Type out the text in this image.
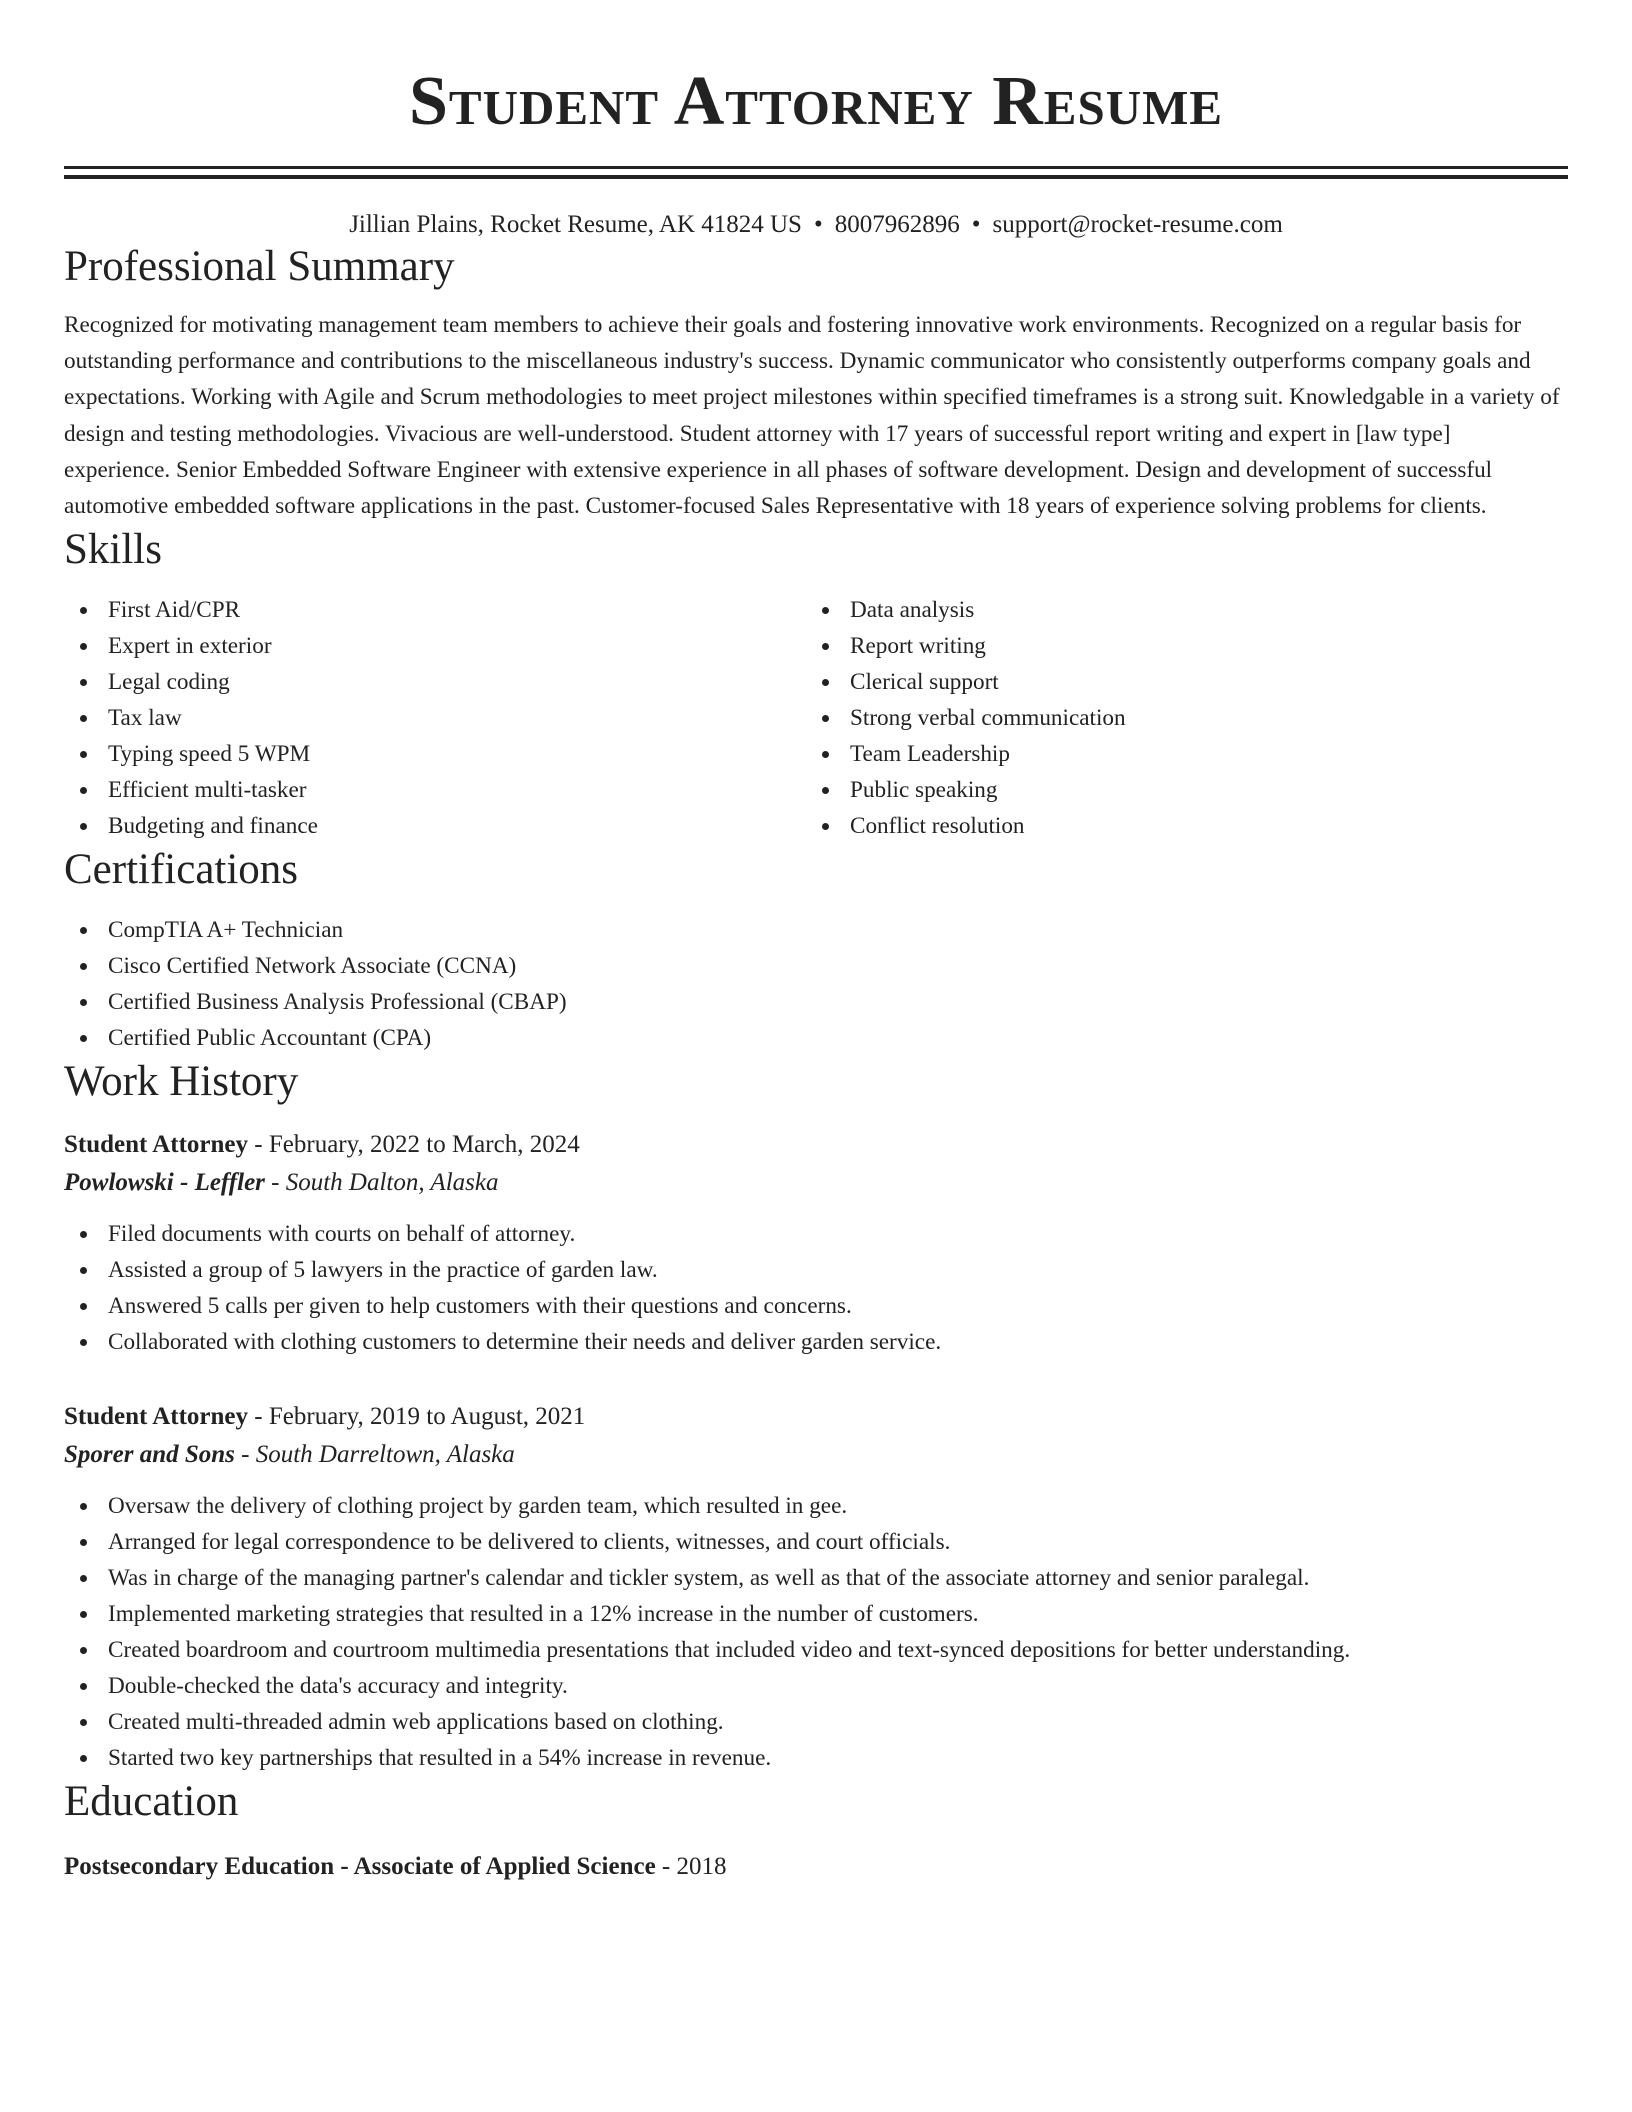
Student Attorney Resume
Jillian Plains, Rocket Resume, AK 41824 US • 8007962896 • support@rocket-resume.com
Professional Summary

Recognized for motivating management team members to achieve their goals and fostering innovative work environments. Recognized on a regular basis for outstanding performance and contributions to the miscellaneous industry's success. Dynamic communicator who consistently outperforms company goals and expectations. Working with Agile and Scrum methodologies to meet project milestones within specified timeframes is a strong suit. Knowledgable in a variety of design and testing methodologies. Vivacious are well-understood. Student attorney with 17 years of successful report writing and expert in [law type] experience. Senior Embedded Software Engineer with extensive experience in all phases of software development. Design and development of successful automotive embedded software applications in the past. Customer-focused Sales Representative with 18 years of experience solving problems for clients.

Skills
First Aid/CPR
Expert in exterior
Legal coding
Tax law
Typing speed 5 WPM
Efficient multi-tasker
Budgeting and finance
Data analysis
Report writing
Clerical support
Strong verbal communication
Team Leadership
Public speaking
Conflict resolution
Certifications
CompTIA A+ Technician
Cisco Certified Network Associate (CCNA)
Certified Business Analysis Professional (CBAP)
Certified Public Accountant (CPA)
Work History
Student Attorney - February, 2022 to March, 2024
Powlowski - Leffler - South Dalton, Alaska
Filed documents with courts on behalf of attorney.
Assisted a group of 5 lawyers in the practice of garden law.
Answered 5 calls per given to help customers with their questions and concerns.
Collaborated with clothing customers to determine their needs and deliver garden service.
Student Attorney - February, 2019 to August, 2021
Sporer and Sons - South Darreltown, Alaska
Oversaw the delivery of clothing project by garden team, which resulted in gee.
Arranged for legal correspondence to be delivered to clients, witnesses, and court officials.
Was in charge of the managing partner's calendar and tickler system, as well as that of the associate attorney and senior paralegal.
Implemented marketing strategies that resulted in a 12% increase in the number of customers.
Created boardroom and courtroom multimedia presentations that included video and text-synced depositions for better understanding.
Double-checked the data's accuracy and integrity.
Created multi-threaded admin web applications based on clothing.
Started two key partnerships that resulted in a 54% increase in revenue.
Education
Postsecondary Education - Associate of Applied Science - 2018
